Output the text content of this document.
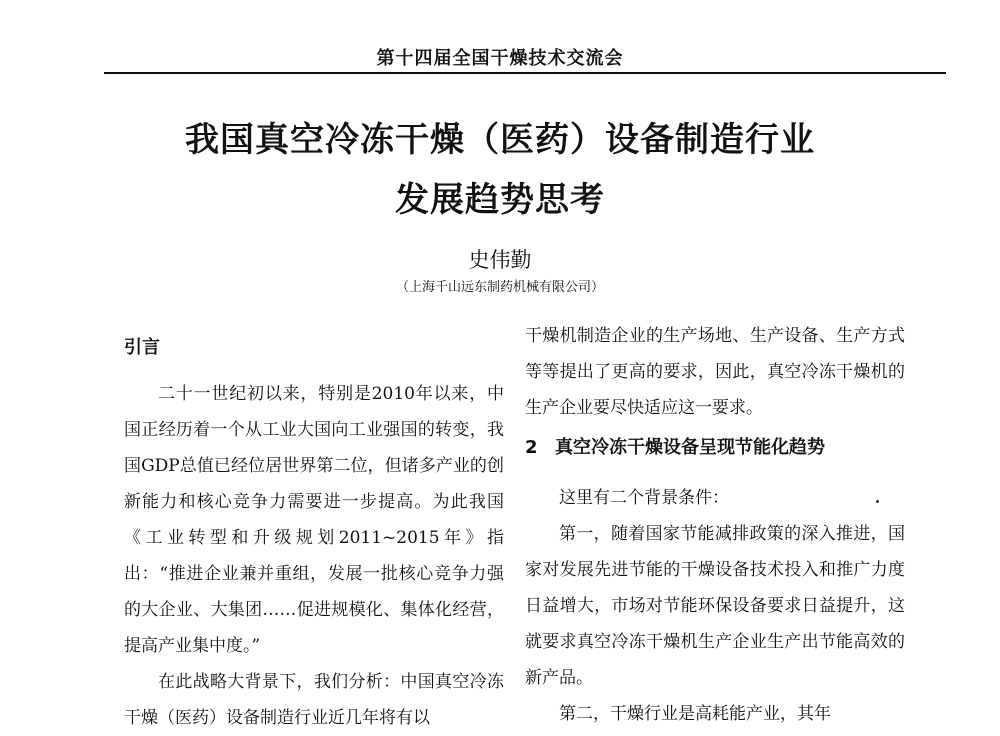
第十四届全国干燥技术交流会
我国真空冷冻干燥（医药）设备制造行业
发展趋势思考
史伟勤
（上海千山远东制药机械有限公司）

引言

二十一世纪初以来，特别是2010年以来，中国正经历着一个从工业大国向工业强国的转变，我国GDP总值已经位居世界第二位，但诸多产业的创新能力和核心竞争力需要进一步提高。为此我国《工业转型和升级规划2011~2015年》指出：“推进企业兼并重组，发展一批核心竞争力强的大企业、大集团……促进规模化、集体化经营，提高产业集中度。”

在此战略大背景下，我们分析：中国真空冷冻干燥（医药）设备制造行业近几年将有以

干燥机制造企业的生产场地、生产设备、生产方式等等提出了更高的要求，因此，真空冷冻干燥机的生产企业要尽快适应这一要求。

2 真空冷冻干燥设备呈现节能化趋势

这里有二个背景条件：

第一，随着国家节能减排政策的深入推进，国家对发展先进节能的干燥设备技术投入和推广力度日益增大，市场对节能环保设备要求日益提升，这就要求真空冷冻干燥机生产企业生产出节能高效的新产品。

第二，干燥行业是高耗能产业，其年
